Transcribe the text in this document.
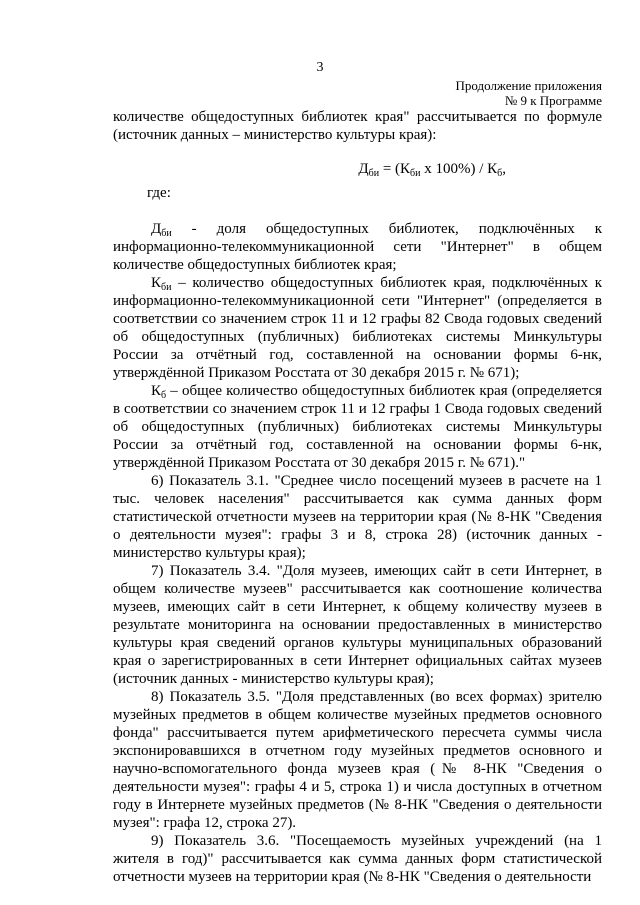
3
Продолжение приложения
№ 9 к Программе

количестве общедоступных библиотек края" рассчитывается по формуле (источник данных – министерство культуры края):

$Д_{би} = (К_{би}$ х $100\%) / К_б$,

где:

$Д_{би}$ - доля общедоступных библиотек, подключённых к информационно-телекоммуникационной сети "Интернет" в общем количестве общедоступных библиотек края;

$К_{би}$ – количество общедоступных библиотек края, подключённых к информационно-телекоммуникационной сети "Интернет" (определяется в соответствии со значением строк 11 и 12 графы 82 Свода годовых сведений об общедоступных (публичных) библиотеках системы Минкультуры России за отчётный год, составленной на основании формы 6-нк, утверждённой Приказом Росстата от 30 декабря 2015 г. № 671);

$К_б$ – общее количество общедоступных библиотек края (определяется в соответствии со значением строк 11 и 12 графы 1 Свода годовых сведений об общедоступных (публичных) библиотеках системы Минкультуры России за отчётный год, составленной на основании формы 6-нк, утверждённой Приказом Росстата от 30 декабря 2015 г. № 671)."

6) Показатель 3.1. "Среднее число посещений музеев в расчете на 1 тыс. человек населения" рассчитывается как сумма данных форм статистической отчетности музеев на территории края (№ 8-НК "Сведения о деятельности музея": графы 3 и 8, строка 28) (источник данных - министерство культуры края);

7) Показатель 3.4. "Доля музеев, имеющих сайт в сети Интернет, в общем количестве музеев" рассчитывается как соотношение количества музеев, имеющих сайт в сети Интернет, к общему количеству музеев в результате мониторинга на основании предоставленных в министерство культуры края сведений органов культуры муниципальных образований края о зарегистрированных в сети Интернет официальных сайтах музеев (источник данных - министерство культуры края);

8) Показатель 3.5. "Доля представленных (во всех формах) зрителю музейных предметов в общем количестве музейных предметов основного фонда" рассчитывается путем арифметического пересчета суммы числа экспонировавшихся в отчетном году музейных предметов основного и научно-вспомогательного фонда музеев края (№ 8-НК "Сведения о деятельности музея": графы 4 и 5, строка 1) и числа доступных в отчетном году в Интернете музейных предметов (№ 8-НК "Сведения о деятельности музея": графа 12, строка 27).

9) Показатель 3.6. "Посещаемость музейных учреждений (на 1 жителя в год)" рассчитывается как сумма данных форм статистической отчетности музеев на территории края (№ 8-НК "Сведения о деятельности
